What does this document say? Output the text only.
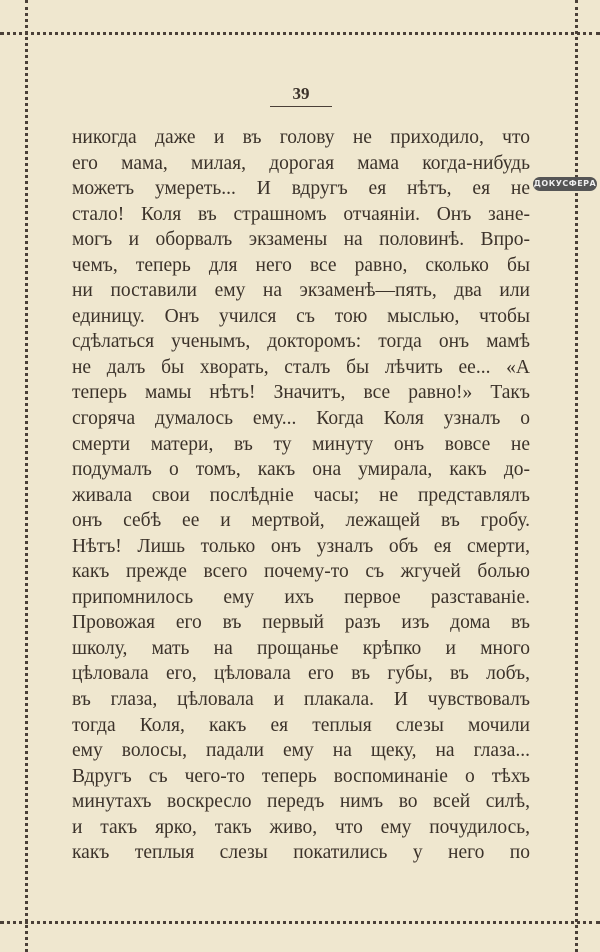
39
ДОКУСФЕРА
никогда даже и въ голову не приходило, что
его мама, милая, дорогая мама когда-нибудь
можетъ умереть... И вдругъ ея нѣтъ, ея не
стало! Коля въ страшномъ отчаяніи. Онъ зане-
могъ и оборвалъ экзамены на половинѣ. Впро-
чемъ, теперь для него все равно, сколько бы
ни поставили ему на экзаменѣ—пять, два или
единицу. Онъ учился съ тою мыслью, чтобы
сдѣлаться ученымъ, докторомъ: тогда онъ мамѣ
не далъ бы хворать, сталъ бы лѣчить ее... «А
теперь мамы нѣтъ! Значитъ, все равно!» Такъ
сгоряча думалось ему... Когда Коля узналъ о
смерти матери, въ ту минуту онъ вовсе не
подумалъ о томъ, какъ она умирала, какъ до-
живала свои послѣдніе часы; не представлялъ
онъ себѣ ее и мертвой, лежащей въ гробу.
Нѣтъ! Лишь только онъ узналъ объ ея смерти,
какъ прежде всего почему-то съ жгучей болью
припомнилось ему ихъ первое разставаніе.
Провожая его въ первый разъ изъ дома въ
школу, мать на прощанье крѣпко и много
цѣловала его, цѣловала его въ губы, въ лобъ,
въ глаза, цѣловала и плакала. И чувствовалъ
тогда Коля, какъ ея теплыя слезы мочили
ему волосы, падали ему на щеку, на глаза...
Вдругъ съ чего-то теперь воспоминаніе о тѣхъ
минутахъ воскресло передъ нимъ во всей силѣ,
и такъ ярко, такъ живо, что ему почудилось,
какъ теплыя слезы покатились у него по
